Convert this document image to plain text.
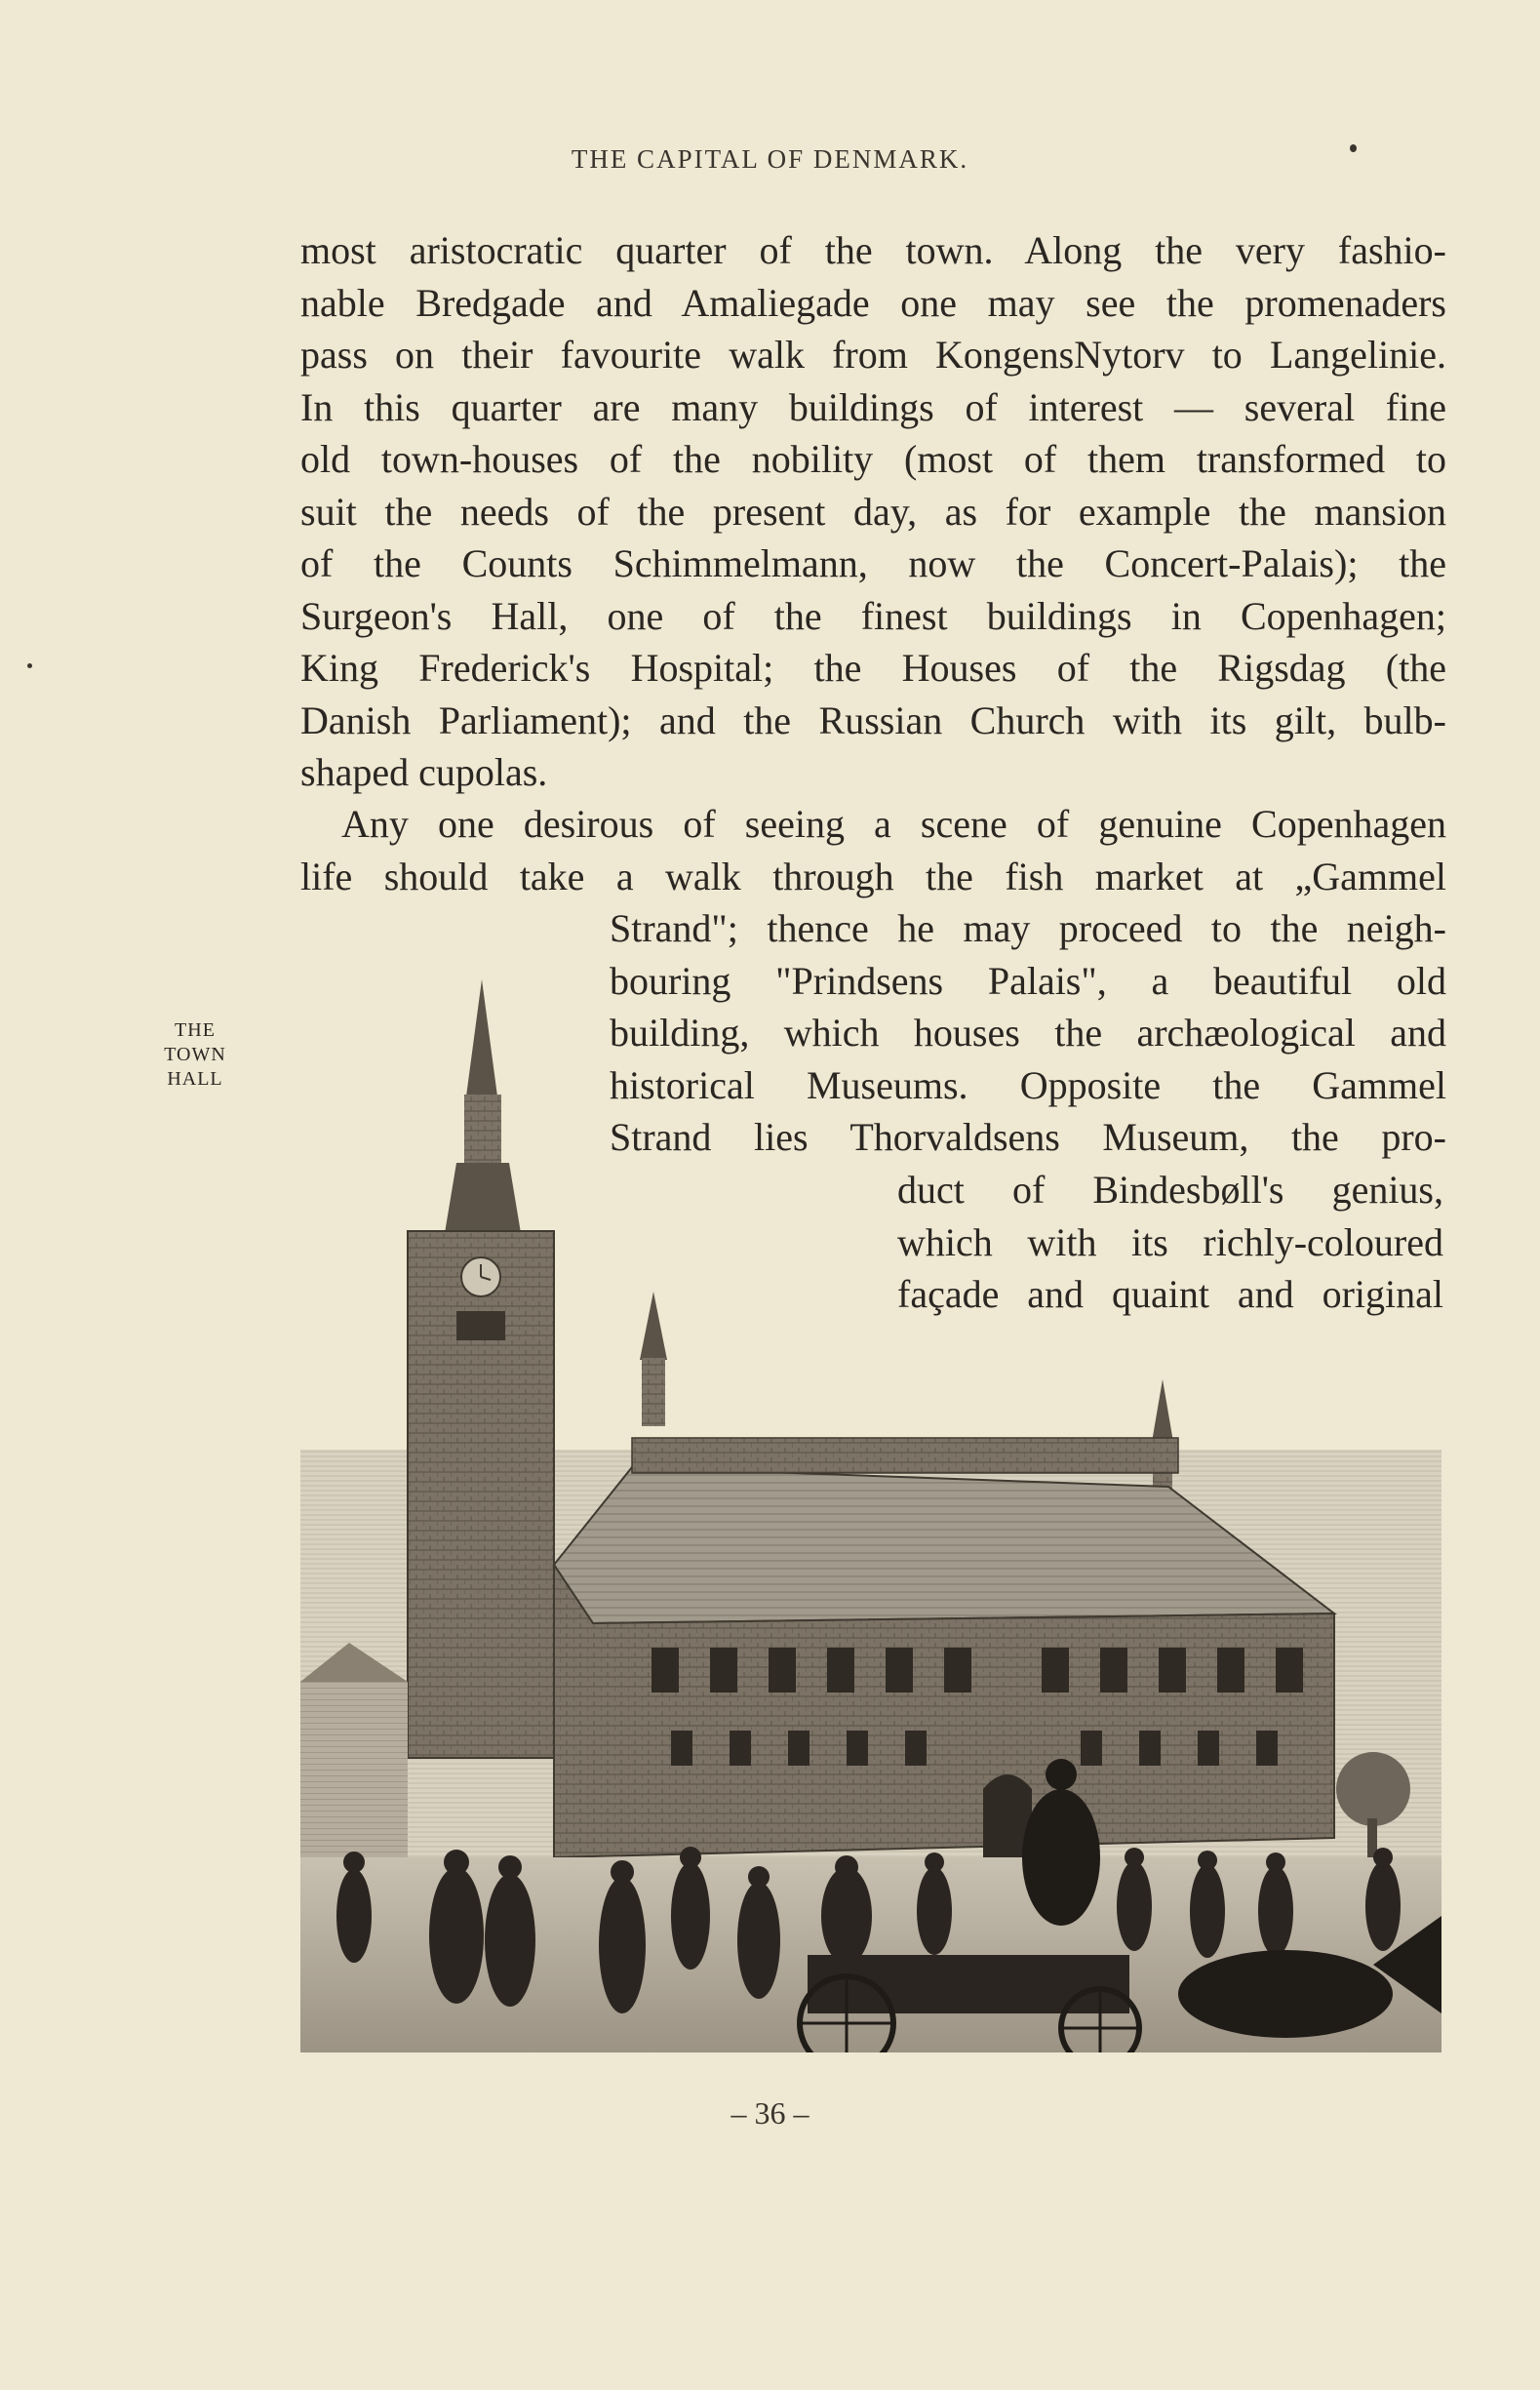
THE CAPITAL OF DENMARK.
most aristocratic quarter of the town. Along the very fashio-
nable Bredgade and Amaliegade one may see the promenaders
pass on their favourite walk from KongensNytorv to Langelinie.
In this quarter are many buildings of interest — several fine
old town-houses of the nobility (most of them transformed to
suit the needs of the present day, as for example the mansion
of the Counts Schimmelmann, now the Concert-Palais); the
Surgeon's Hall, one of the finest buildings in Copenhagen;
King Frederick's Hospital; the Houses of the Rigsdag (the
Danish Parliament); and the Russian Church with its gilt, bulb-
shaped cupolas.
Any one desirous of seeing a scene of genuine Copenhagen
life should take a walk through the fish market at „Gammel
Strand"; thence he may proceed to the neigh-
bouring "Prindsens Palais", a beautiful old
building, which houses the archæological and
historical Museums. Opposite the Gammel
Strand lies Thorvaldsens Museum, the pro-
duct of Bindesbøll's genius,
which with its richly-coloured
façade and quaint and original
THE
TOWN
HALL
– 36 –
